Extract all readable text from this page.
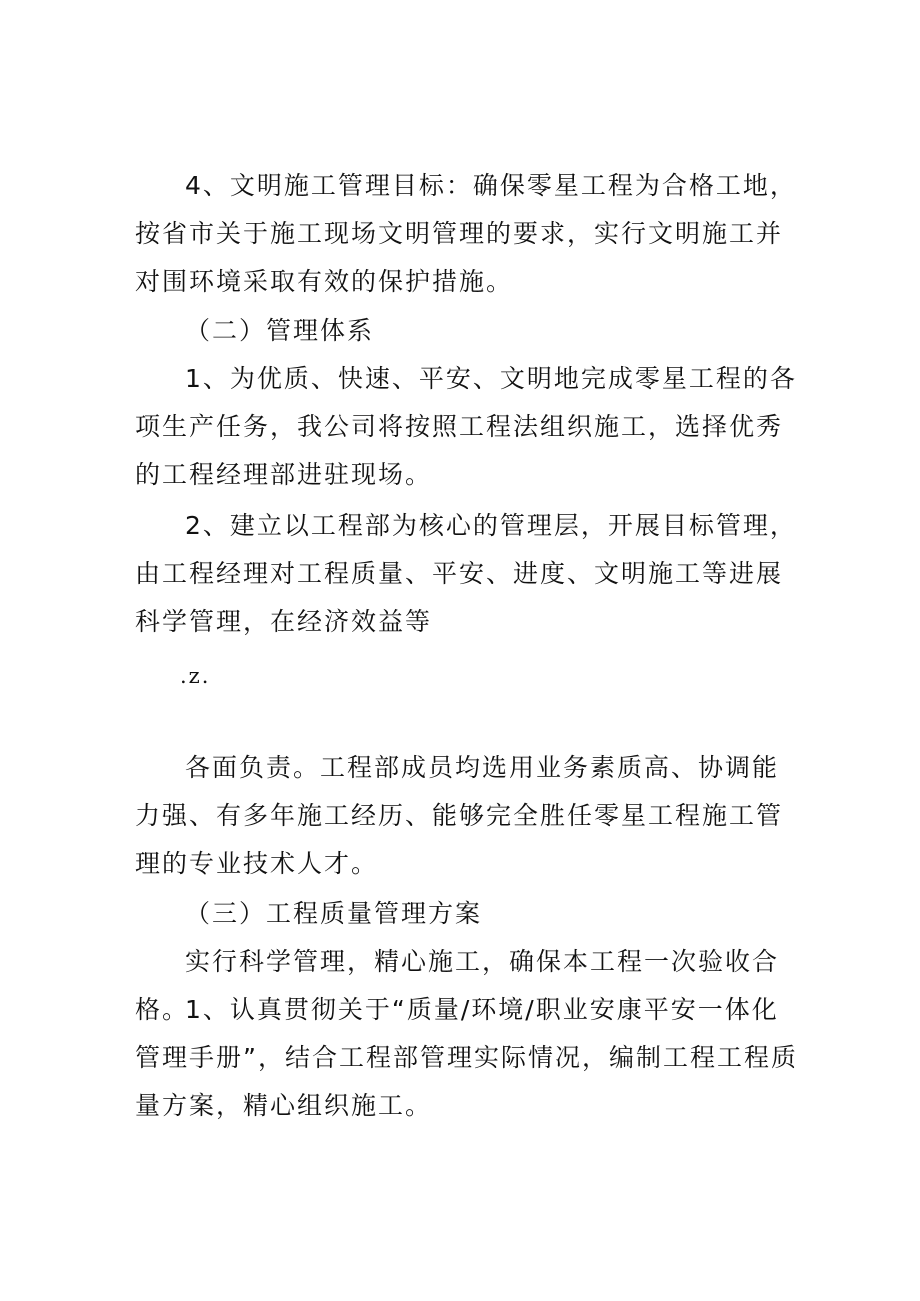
4、文明施工管理目标：确保零星工程为合格工地，按省市关于施工现场文明管理的要求，实行文明施工并对围环境采取有效的保护措施。

（二）管理体系

1、为优质、快速、平安、文明地完成零星工程的各项生产任务，我公司将按照工程法组织施工，选择优秀的工程经理部进驻现场。

2、建立以工程部为核心的管理层，开展目标管理，由工程经理对工程质量、平安、进度、文明施工等进展科学管理，在经济效益等

.z.

各面负责。工程部成员均选用业务素质高、协调能力强、有多年施工经历、能够完全胜任零星工程施工管理的专业技术人才。

（三）工程质量管理方案

实行科学管理，精心施工，确保本工程一次验收合格。

1、认真贯彻关于“质量/环境/职业安康平安一体化管理手册”，结合工程部管理实际情况，编制工程工程质量方案，精心组织施工。
